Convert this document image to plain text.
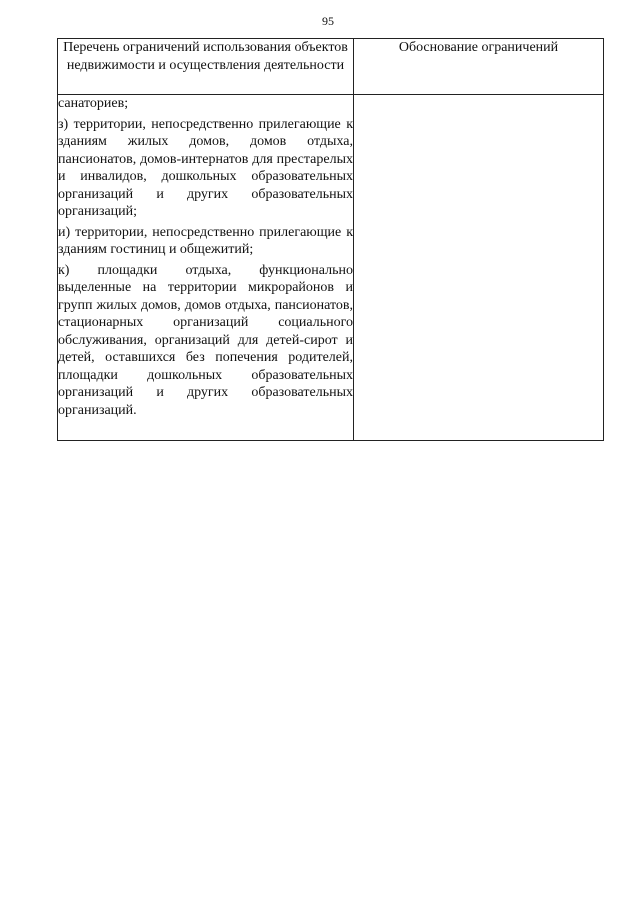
95
Перечень ограничений использования объектов недвижимости и осуществления деятельности	Обоснование ограничений

санаториев;

з) территории, непосредственно прилегающие к зданиям жилых домов, домов отдыха, пансионатов, домов-интернатов для престарелых и инвалидов, дошкольных образовательных организаций и других образовательных организаций;

и) территории, непосредственно прилегающие к зданиям гостиниц и общежитий;

к) площадки отдыха, функционально выделенные на территории микрорайонов и групп жилых домов, домов отдыха, пансионатов, стационарных организаций социального обслуживания, организаций для детей-сирот и детей, оставшихся без попечения родителей, площадки дошкольных образовательных организаций и других образовательных организаций.	
